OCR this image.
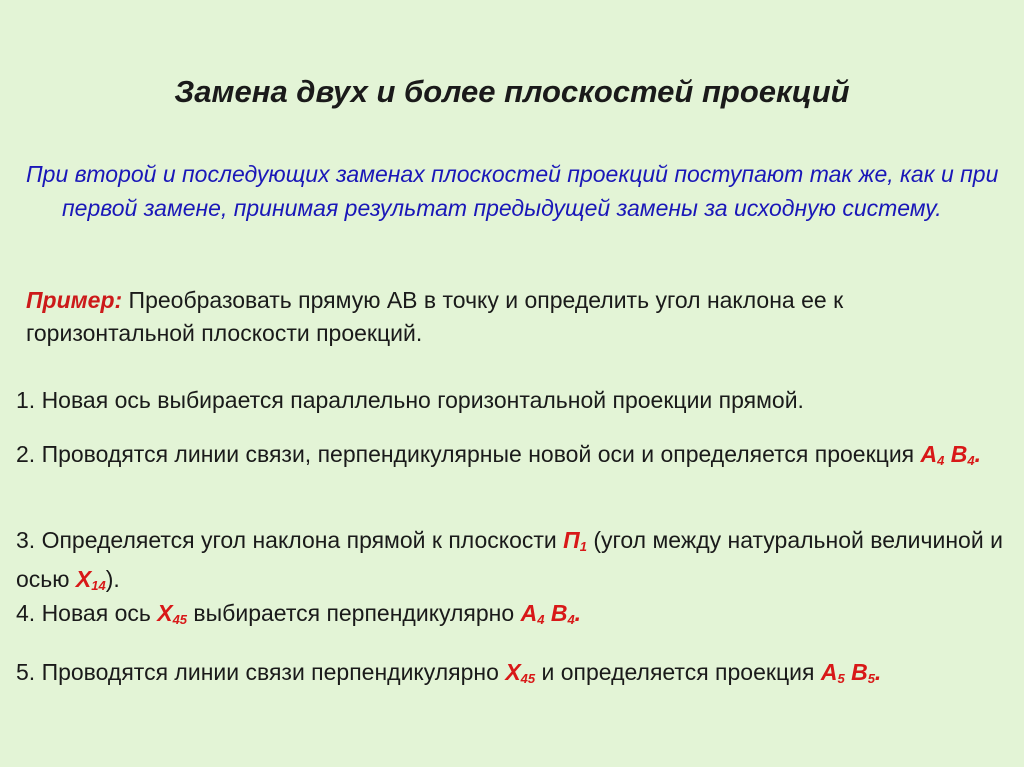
Замена двух и более плоскостей проекций
При второй и последующих заменах плоскостей проекций поступают так же, как и при первой замене, принимая результат предыдущей замены за исходную систему.
Пример: Преобразовать прямую АВ в точку и определить угол наклона ее к горизонтальной плоскости проекций.
1. Новая ось выбирается параллельно горизонтальной проекции прямой.
2. Проводятся линии связи, перпендикулярные новой оси и определяется проекция $А_4$ $В_4$.
3. Определяется угол наклона прямой к плоскости $П_1$ (угол между натуральной величиной и осью $Х_{14}$).
4. Новая ось $Х_{45}$ выбирается перпендикулярно $А_4$ $В_4$.
5. Проводятся линии связи перпендикулярно $Х_{45}$ и определяется проекция $А_5$ $В_5$.
